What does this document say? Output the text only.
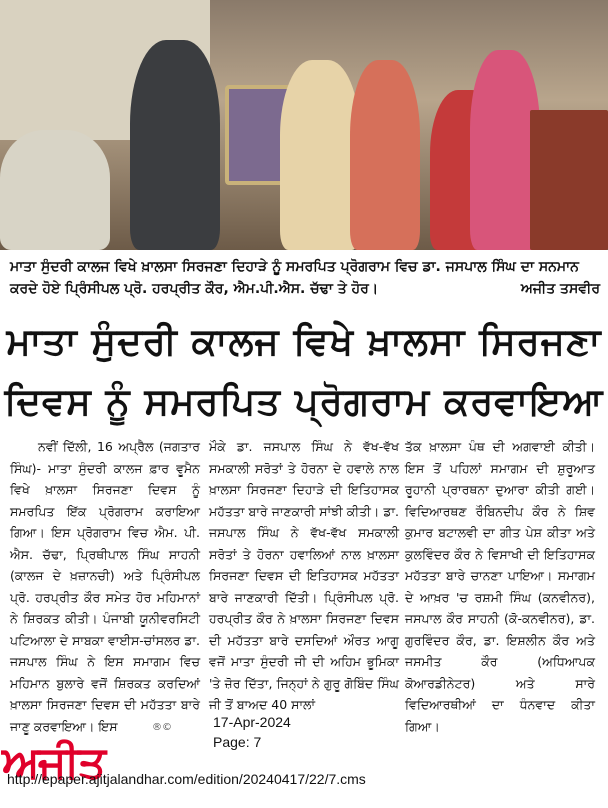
ਮਾਤਾ ਸੁੰਦਰੀ ਕਾਲਜ ਵਿਖੇ ਖ਼ਾਲਸਾ ਸਿਰਜਣਾ ਦਿਹਾੜੇ ਨੂੰ ਸਮਰਪਿਤ ਪ੍ਰੋਗਰਾਮ ਵਿਚ ਡਾ. ਜਸਪਾਲ ਸਿੰਘ ਦਾ ਸਨਮਾਨ ਕਰਦੇ ਹੋਏ ਪ੍ਰਿੰਸੀਪਲ ਪ੍ਰੋ. ਹਰਪ੍ਰੀਤ ਕੌਰ, ਐਮ.ਪੀ.ਐਸ. ਚੱਢਾ ਤੇ ਹੋਰ।	ਅਜੀਤ ਤਸਵੀਰ
ਮਾਤਾ ਸੁੰਦਰੀ ਕਾਲਜ ਵਿਖੇ ਖ਼ਾਲਸਾ ਸਿਰਜਣਾ
ਦਿਵਸ ਨੂੰ ਸਮਰਪਿਤ ਪ੍ਰੋਗਰਾਮ ਕਰਵਾਇਆ
ਨਵੀਂ ਦਿੱਲੀ, 16 ਅਪ੍ਰੈਲ (ਜਗਤਾਰ ਸਿੰਘ)- ਮਾਤਾ ਸੁੰਦਰੀ ਕਾਲਜ ਫ਼ਾਰ ਵੂਮੈਨ ਵਿਖੇ ਖ਼ਾਲਸਾ ਸਿਰਜਣਾ ਦਿਵਸ ਨੂੰ ਸਮਰਪਿਤ ਇੱਕ ਪ੍ਰੋਗਰਾਮ ਕਰਾਇਆ ਗਿਆ। ਇਸ ਪ੍ਰੋਗਰਾਮ ਵਿਚ ਐਮ. ਪੀ. ਐਸ. ਚੱਢਾ, ਪ੍ਰਿਥੀਪਾਲ ਸਿੰਘ ਸਾਹਨੀ (ਕਾਲਜ ਦੇ ਖ਼ਜ਼ਾਨਚੀ) ਅਤੇ ਪ੍ਰਿੰਸੀਪਲ ਪ੍ਰੋ. ਹਰਪ੍ਰੀਤ ਕੌਰ ਸਮੇਤ ਹੋਰ ਮਹਿਮਾਨਾਂ ਨੇ ਸ਼ਿਰਕਤ ਕੀਤੀ। ਪੰਜਾਬੀ ਯੂਨੀਵਰਸਿਟੀ ਪਟਿਆਲਾ ਦੇ ਸਾਬਕਾ ਵਾਈਸ-ਚਾਂਸਲਰ ਡਾ. ਜਸਪਾਲ ਸਿੰਘ ਨੇ ਇਸ ਸਮਾਗਮ ਵਿਚ ਮਹਿਮਾਨ ਬੁਲਾਰੇ ਵਜੋਂ ਸ਼ਿਰਕਤ ਕਰਦਿਆਂ ਖ਼ਾਲਸਾ ਸਿਰਜਣਾ ਦਿਵਸ ਦੀ ਮਹੱਤਤਾ ਬਾਰੇ ਜਾਣੂ ਕਰਵਾਇਆ। ਇਸ
ਮੌਕੇ ਡਾ. ਜਸਪਾਲ ਸਿੰਘ ਨੇ ਵੱਖ-ਵੱਖ ਸਮਕਾਲੀ ਸਰੋਤਾਂ ਤੇ ਹੋਰਨਾ ਦੇ ਹਵਾਲੇ ਨਾਲ ਖ਼ਾਲਸਾ ਸਿਰਜਣਾ ਦਿਹਾੜੇ ਦੀ ਇਤਿਹਾਸਕ ਮਹੱਤਤਾ ਬਾਰੇ ਜਾਣਕਾਰੀ ਸਾਂਝੀ ਕੀਤੀ। ਡਾ. ਜਸਪਾਲ ਸਿੰਘ ਨੇ ਵੱਖ-ਵੱਖ ਸਮਕਾਲੀ ਸਰੋਤਾਂ ਤੇ ਹੋਰਨਾ ਹਵਾਲਿਆਂ ਨਾਲ ਖ਼ਾਲਸਾ ਸਿਰਜਣਾ ਦਿਵਸ ਦੀ ਇਤਿਹਾਸਕ ਮਹੱਤਤਾ ਬਾਰੇ ਜਾਣਕਾਰੀ ਦਿੱਤੀ। ਪ੍ਰਿੰਸੀਪਲ ਪ੍ਰੋ. ਹਰਪ੍ਰੀਤ ਕੌਰ ਨੇ ਖ਼ਾਲਸਾ ਸਿਰਜਣਾ ਦਿਵਸ ਦੀ ਮਹੱਤਤਾ ਬਾਰੇ ਦਸਦਿਆਂ ਔਰਤ ਆਗੂ ਵਜੋਂ ਮਾਤਾ ਸੁੰਦਰੀ ਜੀ ਦੀ ਅਹਿਮ ਭੂਮਿਕਾ 'ਤੇ ਜ਼ੋਰ ਦਿੱਤਾ, ਜਿਨ੍ਹਾਂ ਨੇ ਗੁਰੂ ਗੋਬਿੰਦ ਸਿੰਘ ਜੀ ਤੋਂ ਬਾਅਦ 40 ਸਾਲਾਂ
ਤੱਕ ਖ਼ਾਲਸਾ ਪੰਥ ਦੀ ਅਗਵਾਈ ਕੀਤੀ। ਇਸ ਤੋਂ ਪਹਿਲਾਂ ਸਮਾਗਮ ਦੀ ਸ਼ੁਰੂਆਤ ਰੂਹਾਨੀ ਪ੍ਰਾਰਥਨਾ ਦੁਆਰਾ ਕੀਤੀ ਗਈ। ਵਿਦਿਆਰਥਣ ਰੌਬਿਨਦੀਪ ਕੌਰ ਨੇ ਸ਼ਿਵ ਕੁਮਾਰ ਬਟਾਲਵੀ ਦਾ ਗੀਤ ਪੇਸ਼ ਕੀਤਾ ਅਤੇ ਕੁਲਵਿੰਦਰ ਕੌਰ ਨੇ ਵਿਸਾਖੀ ਦੀ ਇਤਿਹਾਸਕ ਮਹੱਤਤਾ ਬਾਰੇ ਚਾਨਣਾ ਪਾਇਆ। ਸਮਾਗਮ ਦੇ ਆਖ਼ਰ 'ਚ ਰਸ਼ਮੀ ਸਿੰਘ (ਕਨਵੀਨਰ), ਜਸਪਾਲ ਕੌਰ ਸਾਹਨੀ (ਕੋ-ਕਨਵੀਨਰ), ਡਾ. ਗੁਰਵਿੰਦਰ ਕੌਰ, ਡਾ. ਇਸ਼ਲੀਨ ਕੌਰ ਅਤੇ ਜਸਮੀਤ ਕੌਰ (ਅਧਿਆਪਕ ਕੋਆਰਡੀਨੇਟਰ) ਅਤੇ ਸਾਰੇ ਵਿਦਿਆਰਥੀਆਂ ਦਾ ਧੰਨਵਾਦ ਕੀਤਾ ਗਿਆ।
ਅਜੀਤ
®©	17-Apr-2024
Page: 7
http://epaper.ajitjalandhar.com/edition/20240417/22/7.cms
